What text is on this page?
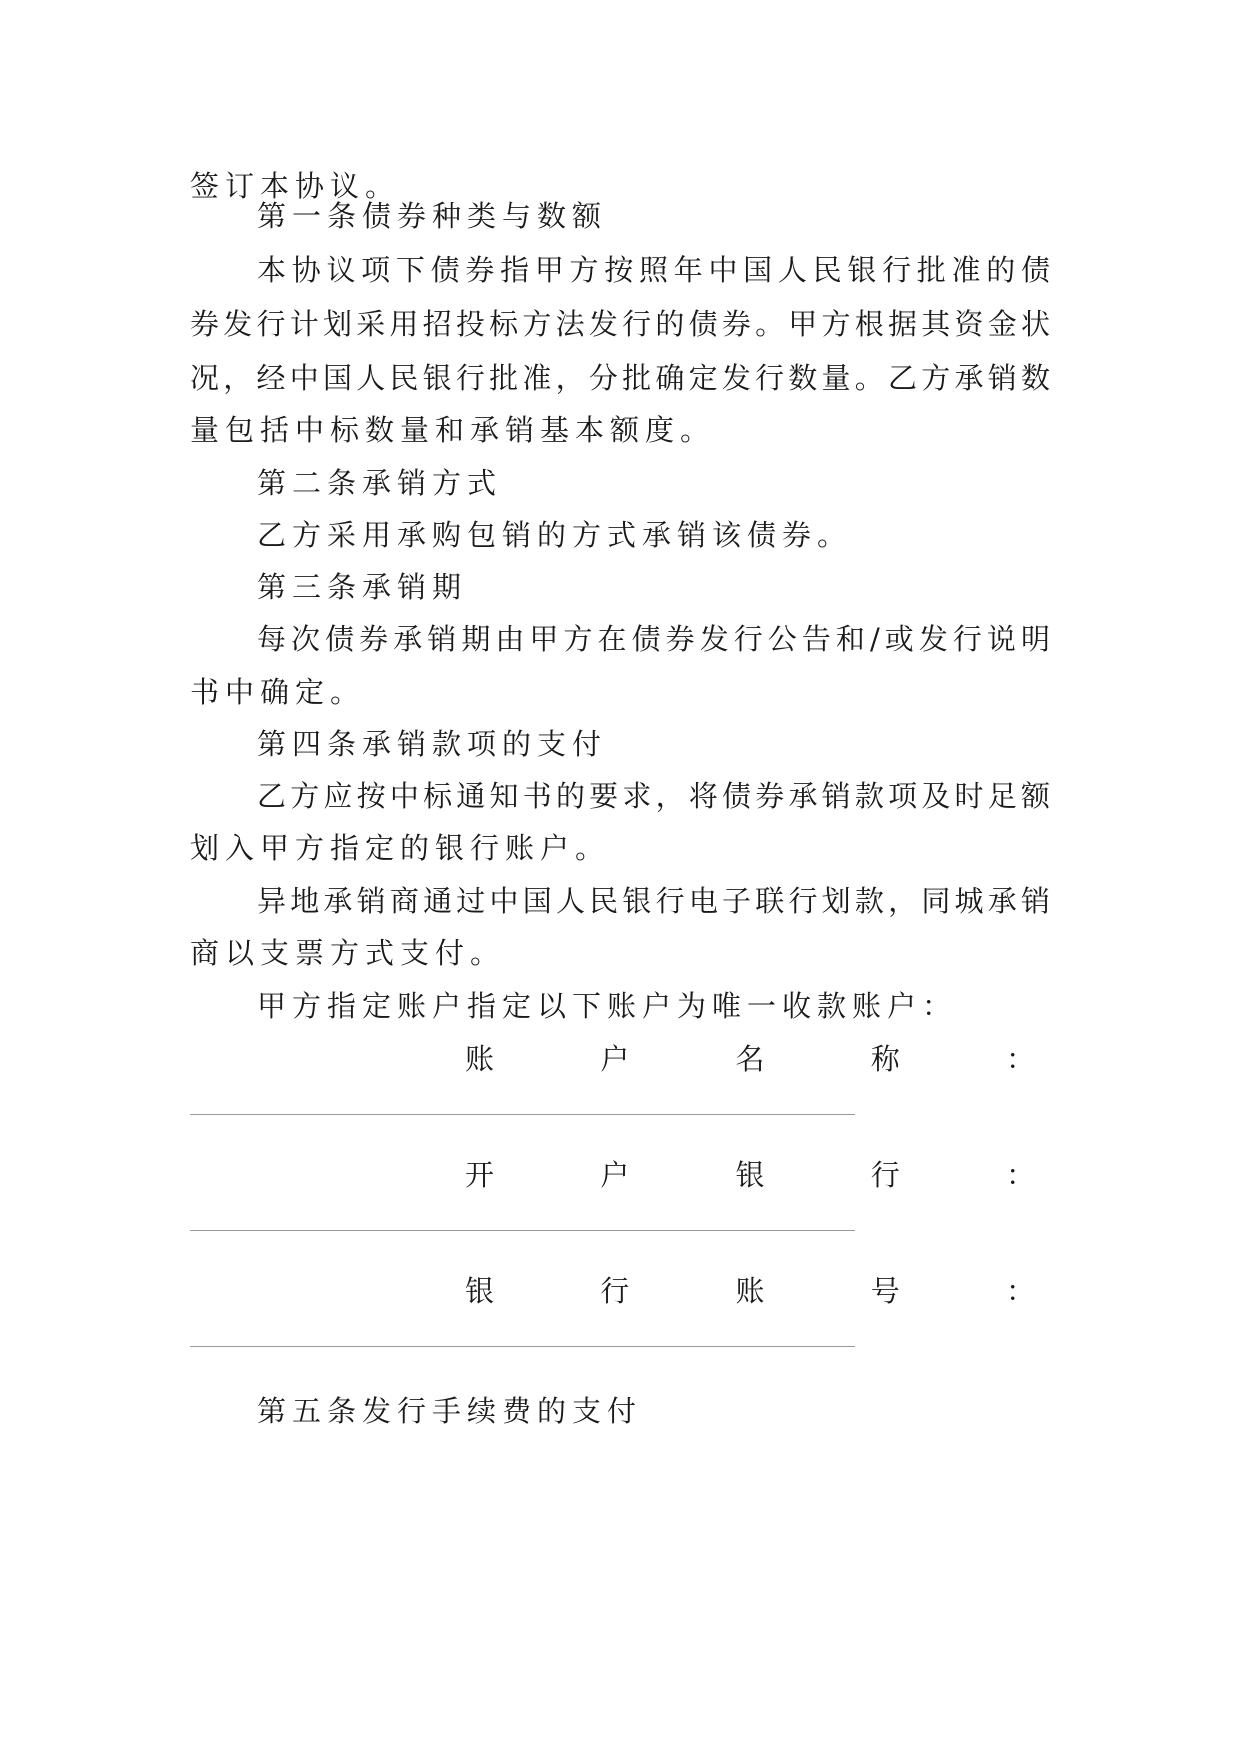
签订本协议。
第一条债券种类与数额
本协议项下债券指甲方按照年中国人民银行批准的债
券发行计划采用招投标方法发行的债券。甲方根据其资金状
况，经中国人民银行批准，分批确定发行数量。乙方承销数
量包括中标数量和承销基本额度。
第二条承销方式
乙方采用承购包销的方式承销该债券。
第三条承销期
每次债券承销期由甲方在债券发行公告和/或发行说明
书中确定。
第四条承销款项的支付
乙方应按中标通知书的要求，将债券承销款项及时足额
划入甲方指定的银行账户。
异地承销商通过中国人民银行电子联行划款，同城承销
商以支票方式支付。
甲方指定账户指定以下账户为唯一收款账户：
账	户	名	称	：
开	户	银	行	：
银	行	账	号	：
第五条发行手续费的支付
